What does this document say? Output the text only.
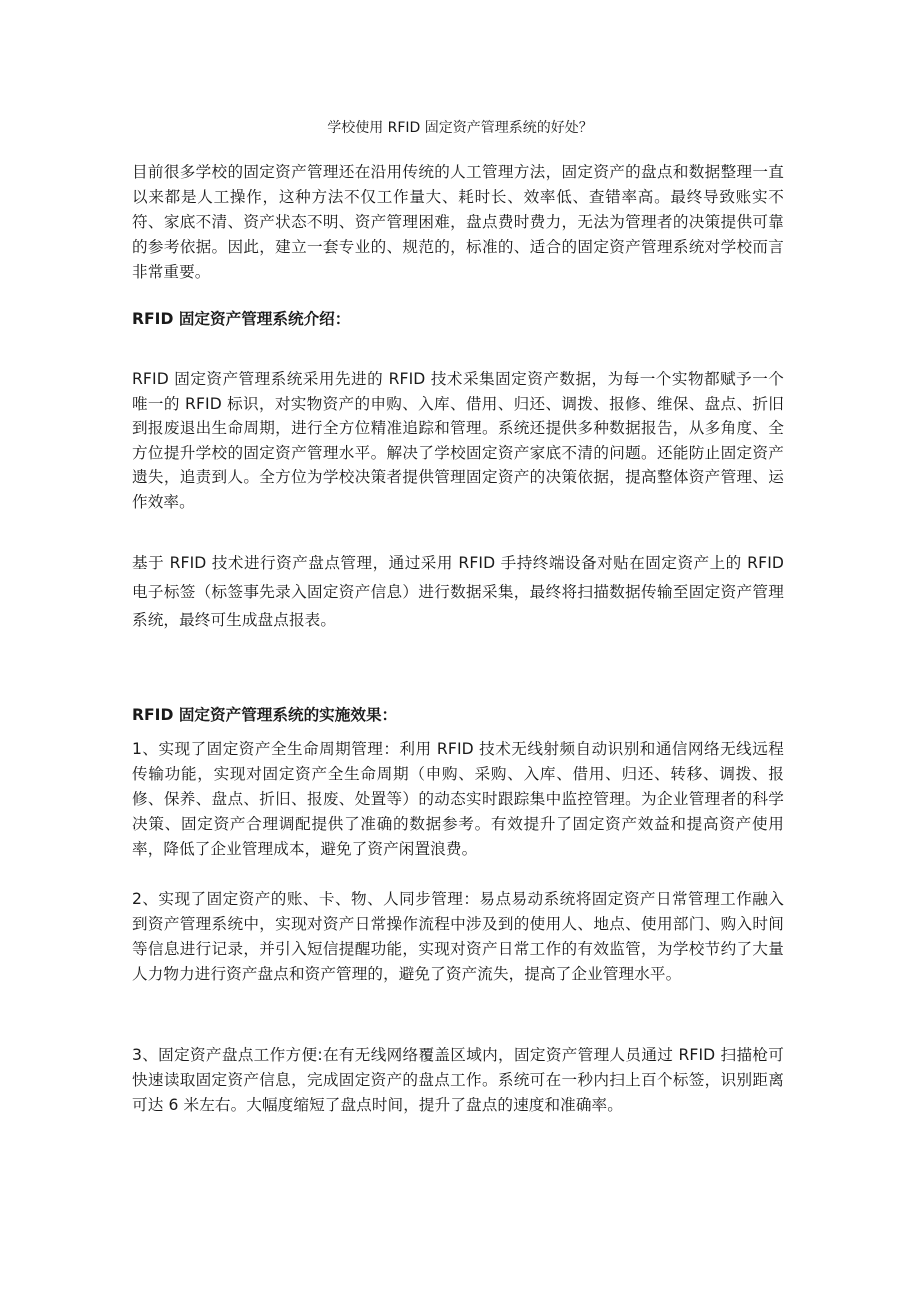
学校使用 RFID 固定资产管理系统的好处？

目前很多学校的固定资产管理还在沿用传统的人工管理方法，固定资产的盘点和数据整理一直以来都是人工操作，这种方法不仅工作量大、耗时长、效率低、查错率高。最终导致账实不符、家底不清、资产状态不明、资产管理困难，盘点费时费力，无法为管理者的决策提供可靠的参考依据。因此，建立一套专业的、规范的，标准的、适合的固定资产管理系统对学校而言非常重要。

RFID 固定资产管理系统介绍：

RFID 固定资产管理系统采用先进的 RFID 技术采集固定资产数据，为每一个实物都赋予一个唯一的 RFID 标识，对实物资产的申购、入库、借用、归还、调拨、报修、维保、盘点、折旧到报废退出生命周期，进行全方位精准追踪和管理。系统还提供多种数据报告，从多角度、全方位提升学校的固定资产管理水平。解决了学校固定资产家底不清的问题。还能防止固定资产遗失，追责到人。全方位为学校决策者提供管理固定资产的决策依据，提高整体资产管理、运作效率。

基于 RFID 技术进行资产盘点管理，通过采用 RFID 手持终端设备对贴在固定资产上的 RFID 电子标签（标签事先录入固定资产信息）进行数据采集，最终将扫描数据传输至固定资产管理系统，最终可生成盘点报表。

RFID 固定资产管理系统的实施效果：

1、实现了固定资产全生命周期管理：利用 RFID 技术无线射频自动识别和通信网络无线远程传输功能，实现对固定资产全生命周期（申购、采购、入库、借用、归还、转移、调拨、报修、保养、盘点、折旧、报废、处置等）的动态实时跟踪集中监控管理。为企业管理者的科学决策、固定资产合理调配提供了准确的数据参考。有效提升了固定资产效益和提高资产使用率，降低了企业管理成本，避免了资产闲置浪费。

2、实现了固定资产的账、卡、物、人同步管理：易点易动系统将固定资产日常管理工作融入到资产管理系统中，实现对资产日常操作流程中涉及到的使用人、地点、使用部门、购入时间等信息进行记录，并引入短信提醒功能，实现对资产日常工作的有效监管，为学校节约了大量人力物力进行资产盘点和资产管理的，避免了资产流失，提高了企业管理水平。

3、固定资产盘点工作方便:在有无线网络覆盖区域内，固定资产管理人员通过 RFID 扫描枪可快速读取固定资产信息，完成固定资产的盘点工作。系统可在一秒内扫上百个标签，识别距离可达 6 米左右。大幅度缩短了盘点时间，提升了盘点的速度和准确率。
